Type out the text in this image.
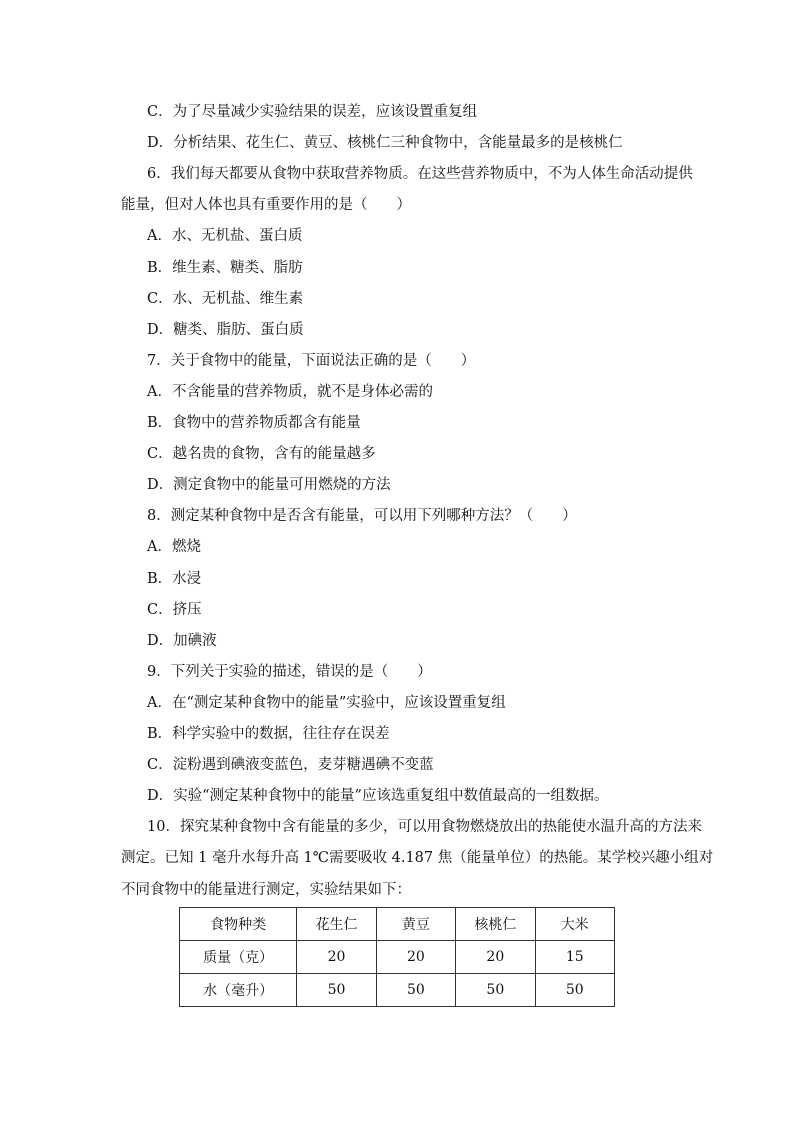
C．为了尽量减少实验结果的误差，应该设置重复组
D．分析结果、花生仁、黄豆、核桃仁三种食物中，含能量最多的是核桃仁
6．我们每天都要从食物中获取营养物质。在这些营养物质中，不为人体生命活动提供
能量，但对人体也具有重要作用的是（　　）
A．水、无机盐、蛋白质
B．维生素、糖类、脂肪
C．水、无机盐、维生素
D．糖类、脂肪、蛋白质
7．关于食物中的能量，下面说法正确的是（　　）
A．不含能量的营养物质，就不是身体必需的
B．食物中的营养物质都含有能量
C．越名贵的食物，含有的能量越多
D．测定食物中的能量可用燃烧的方法
8．测定某种食物中是否含有能量，可以用下列哪种方法？（　　）
A．燃烧
B．水浸
C．挤压
D．加碘液
9．下列关于实验的描述，错误的是（　　）
A．在“测定某种食物中的能量”实验中，应该设置重复组
B．科学实验中的数据，往往存在误差
C．淀粉遇到碘液变蓝色，麦芽糖遇碘不变蓝
D．实验“测定某种食物中的能量”应该选重复组中数值最高的一组数据。
10．探究某种食物中含有能量的多少，可以用食物燃烧放出的热能使水温升高的方法来
测定。已知 1 毫升水每升高 1℃需要吸收 4.187 焦（能量单位）的热能。某学校兴趣小组对
不同食物中的能量进行测定，实验结果如下：
食物种类	花生仁	黄豆	核桃仁	大米
质量（克）	20	20	20	15
水（毫升）	50	50	50	50
